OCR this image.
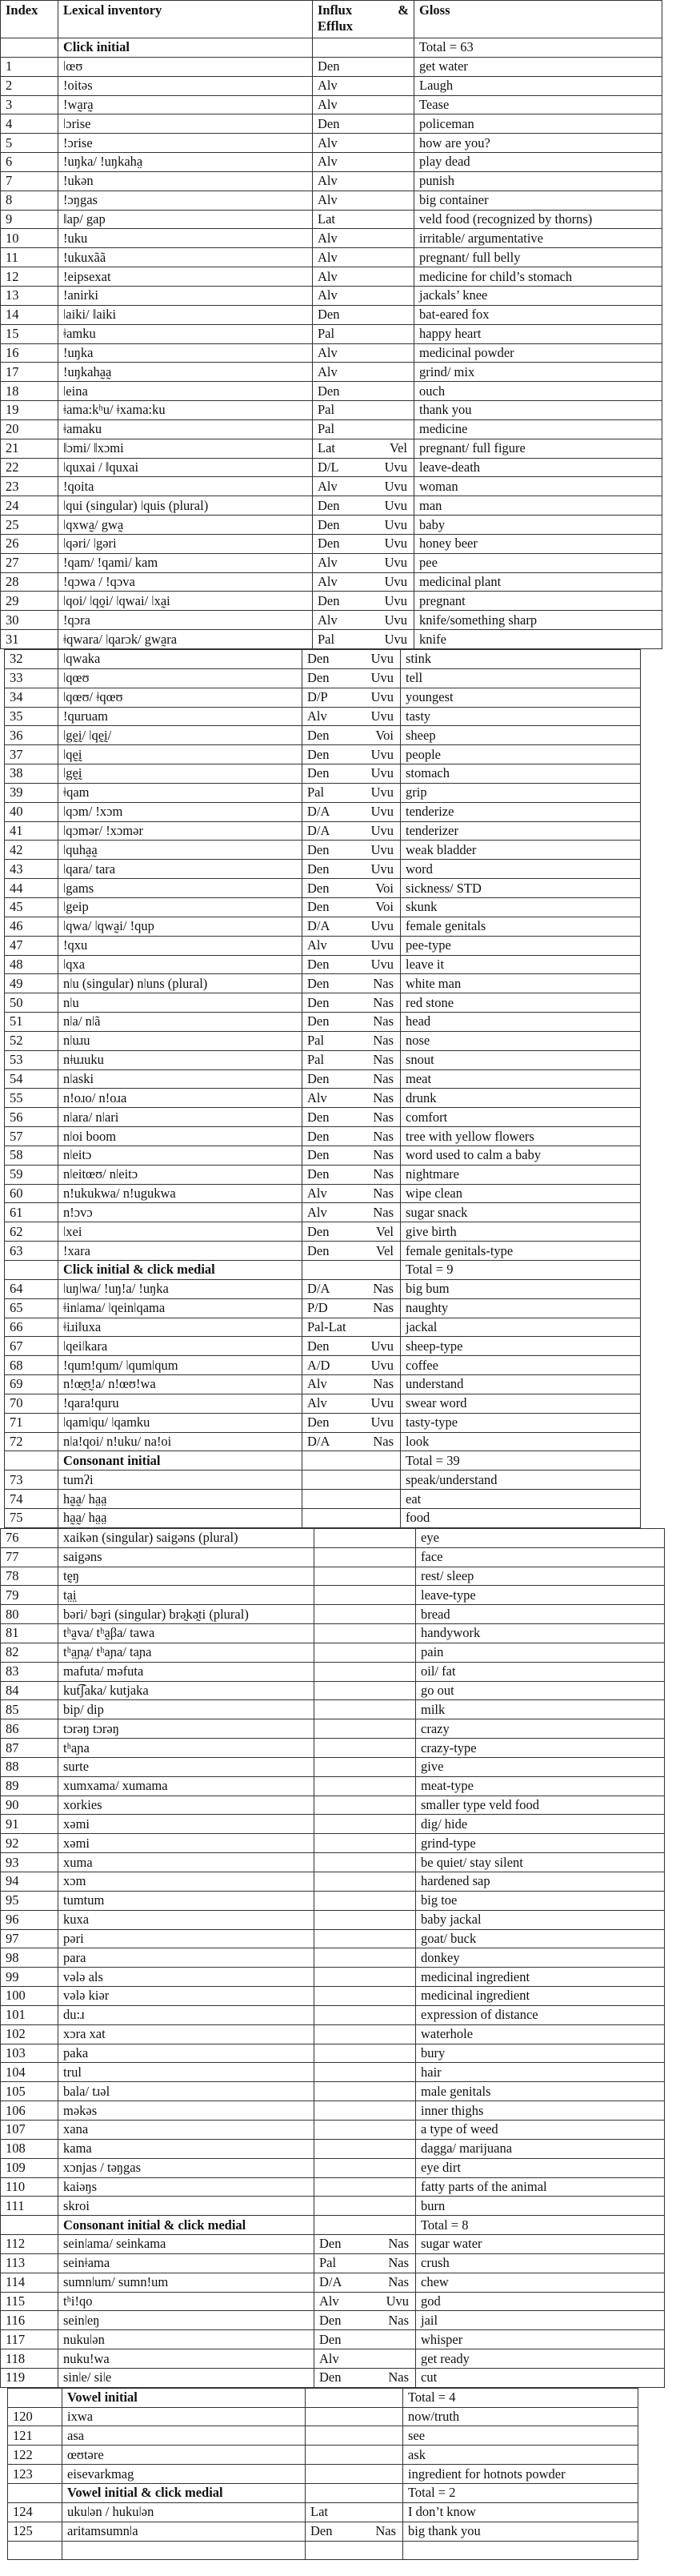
Index	Lexical inventory	Influx &
Efflux	Gloss
	Click initial		Total = 63
1	ǀœʊ	Den	get water
2	!oitəs	Alv	Laugh
3	!wa̰ra̰	Alv	Tease
4	ǀɔrise	Den	policeman
5	!ɔrise	Alv	how are you?
6	!uŋka/ !uŋkaha̤	Alv	play dead
7	!ukən	Alv	punish
8	!ɔŋgas	Alv	big container
9	ǁap/ gap	Lat	veld food (recognized by thorns)
10	!uku	Alv	irritable/ argumentative
11	!ukuxãã	Alv	pregnant/ full belly
12	!eipsexat	Alv	medicine for child’s stomach
13	!anirki	Alv	jackals’ knee
14	ǀaiki/ ǁaiki	Den	bat-eared fox
15	ǂamku	Pal	happy heart
16	!uŋka	Alv	medicinal powder
17	!uŋkaha̰a̰	Alv	grind/ mix
18	ǀeina	Den	ouch
19	ǂama:kʰu/ ǂxama:ku	Pal	thank you
20	ǂamaku	Pal	medicine
21	ǁɔmi/ ǁxɔmi	Lat Vel	pregnant/ full figure
22	ǀquxai / ǁquxai	D/L Uvu	leave-death
23	!qoita	Alv Uvu	woman
24	ǀqui (singular) ǀquis (plural)	Den Uvu	man
25	ǀqxwa̰/ gwa̰	Den Uvu	baby
26	ǀqəri/ ǀgəri	Den Uvu	honey beer
27	!qam/ !qami/ kam	Alv Uvu	pee
28	!qɔwa / !qɔva	Alv Uvu	medicinal plant
29	ǀqoi/ ǀqo̰i/ ǀqwai/ ǀxa̰i	Den Uvu	pregnant
30	!qɔra	Alv Uvu	knife/something sharp
31	ǂqwara/ ǀqarɔk/ gwa̰ra	Pal Uvu	knife
32	ǀqwaka	Den Uvu	stink
33	ǀqœʊ	Den Uvu	tell
34	ǀqœʊ/ ǂqœʊ	D/P Uvu	youngest
35	!quruam	Alv Uvu	tasty
36	ǀgḛḭ/ ǀqḛḭ/	Den Voi	sheep
37	ǀqḛḭ	Den Uvu	people
38	ǀgḛḭ	Den Uvu	stomach
39	ǂqam	Pal Uvu	grip
40	ǀqɔm/ !xɔm	D/A Uvu	tenderize
41	ǀqɔmər/ !xɔmər	D/A Uvu	tenderizer
42	ǀquha̰a̰	Den Uvu	weak bladder
43	ǀqara/ tara	Den Uvu	word
44	ǀgams	Den Voi	sickness/ STD
45	ǀgeip	Den Voi	skunk
46	ǀqwa/ ǀqwa̰i/ !qup	D/A Uvu	female genitals
47	!qxu	Alv Uvu	pee-type
48	ǀqxa	Den Uvu	leave it
49	nǀu (singular) nǀuns (plural)	Den Nas	white man
50	nǀu	Den Nas	red stone
51	nǀa/ nǀã	Den Nas	head
52	nǀuɹu	Pal Nas	nose
53	nǂuɹuku	Pal Nas	snout
54	nǀaski	Den Nas	meat
55	n!oɹo/ n!oɹa	Alv Nas	drunk
56	nǀara/ nǀari	Den Nas	comfort
57	nǀoi boom	Den Nas	tree with yellow flowers
58	nǀeitɔ	Den Nas	word used to calm a baby
59	nǀeitœʊ/ nǀeitɔ	Den Nas	nightmare
60	n!ukukwa/ n!ugukwa	Alv Nas	wipe clean
61	n!ɔvɔ	Alv Nas	sugar snack
62	ǀxei	Den Vel	give birth
63	!xara	Den Vel	female genitals-type
	Click initial & click medial		Total = 9
64	ǀuŋǀwa/ !uŋ!a/ !uŋka	D/A Nas	big bum
65	ǂinǀama/ ǀqeinǀqama	P/D Nas	naughty
66	ǂiɹiǁuxa	Pal-Lat	jackal
67	ǀqeiǀkara	Den Uvu	sheep-type
68	!qum!qum/ ǀqumǀqum	A/D Uvu	coffee
69	n!œ̰ʊ̰!a/ n!œʊ!wa	Alv Nas	understand
70	!qara!quru	Alv Uvu	swear word
71	ǀqamǀqu/ ǀqamku	Den Uvu	tasty-type
72	nǀa!qoi/ n!uku/ na!oi	D/A Nas	look
	Consonant initial		Total = 39
73	tumʔi		speak/understand
74	ha̰a̰/ ha̤a̤		eat
75	ha̰a̰/ ha̤a̤		food
76	xaikən (singular) saigəns (plural)		eye
77	saigəns		face
78	tḛŋ		rest/ sleep
79	ta̤i̤		leave-type
80	bəri/ bə̰ri (singular) brə̰kə̰ti (plural)		bread
81	tʰa̰va/ tʰa̰βa/ tawa		handywork
82	tʰa̤ɲa̤/ tʰaɲa/ taɲa		pain
83	mafuta/ məfuta		oil/ fat
84	kut͡ʃaka/ kutjaka		go out
85	bip/ dip		milk
86	tɔrəŋ tɔrəŋ		crazy
87	tʰaɲa		crazy-type
88	surte		give
89	xumxama/ xumama		meat-type
90	xorkies		smaller type veld food
91	xəmi		dig/ hide
92	xəmi		grind-type
93	xuma		be quiet/ stay silent
94	xɔm		hardened sap
95	tumtum		big toe
96	kuxa		baby jackal
97	pəri		goat/ buck
98	para		donkey
99	vələ als		medicinal ingredient
100	vələ kiər		medicinal ingredient
101	du:ɹ		expression of distance
102	xɔra xat		waterhole
103	paka		bury
104	trul		hair
105	bala/ tɹəl		male genitals
106	məkəs		inner thighs
107	xana		a type of weed
108	kama		dagga/ marijuana
109	xɔnjas / təŋgas		eye dirt
110	kaiəŋs		fatty parts of the animal
111	skroi		burn
	Consonant initial & click medial		Total = 8
112	seinǀama/ seinkama	Den Nas	sugar water
113	seinǂama	Pal Nas	crush
114	sumnǀum/ sumn!um	D/A Nas	chew
115	tʰi!qo	Alv Uvu	god
116	seinǀeŋ	Den Nas	jail
117	nukuǀən	Den	whisper
118	nuku!wa	Alv	get ready
119	sinǀe/ siǀe	Den Nas	cut
	Vowel initial		Total = 4
120	ixwa		now/truth
121	asa		see
122	œʊtəre		ask
123	eisevarkmag		ingredient for hotnots powder
	Vowel initial & click medial		Total = 2
124	ukuǀən / hukuǀən	Lat	I don’t know
125	aritamsumnǀa	Den Nas	big thank you
